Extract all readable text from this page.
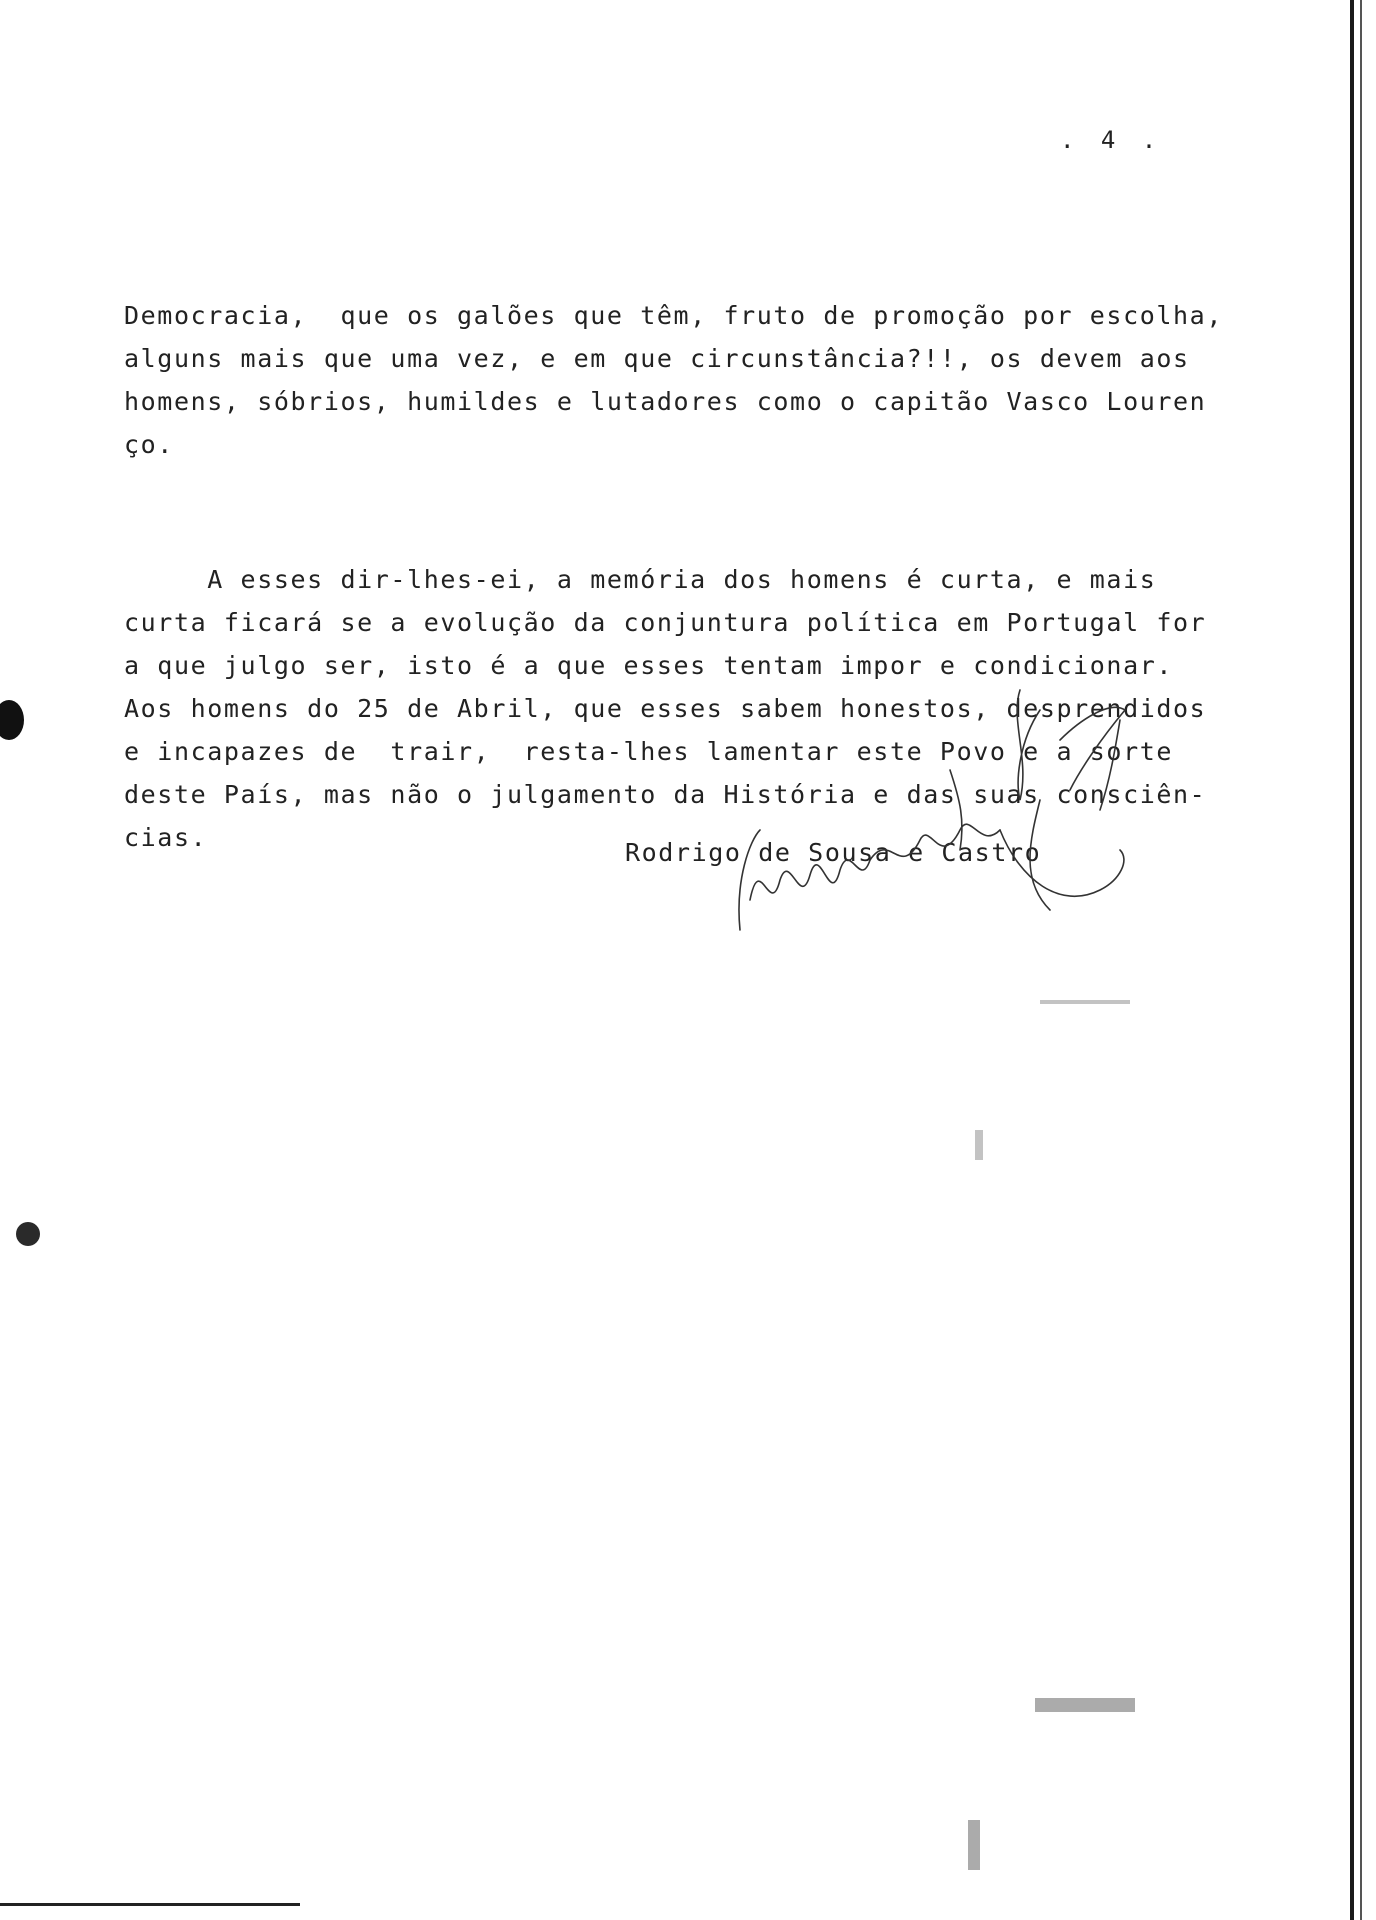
. 4 .

Democracia,  que os galões que têm, fruto de promoção por escolha,
alguns mais que uma vez, e em que circunstância?!!, os devem aos
homens, sóbrios, humildes e lutadores como o capitão Vasco Louren
ço.

A esses dir-lhes-ei, a memória dos homens é curta, e mais
curta ficará se a evolução da conjuntura política em Portugal for
a que julgo ser, isto é a que esses tentam impor e condicionar.
Aos homens do 25 de Abril, que esses sabem honestos, desprendidos
e incapazes de  trair,  resta-lhes lamentar este Povo e a sorte
deste País, mas não o julgamento da História e das suas consciên-
cias.

Rodrigo de Sousa e Castro
